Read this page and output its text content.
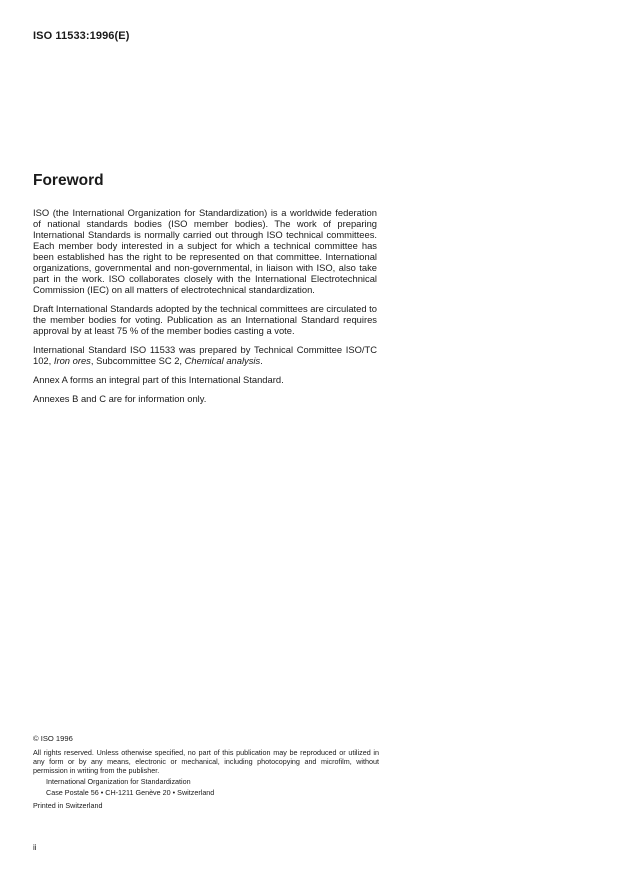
ISO 11533:1996(E)
Foreword

ISO (the International Organization for Standardization) is a worldwide federation of national standards bodies (ISO member bodies). The work of preparing International Standards is normally carried out through ISO technical committees. Each member body interested in a subject for which a technical committee has been established has the right to be represented on that committee. International organizations, governmental and non-governmental, in liaison with ISO, also take part in the work. ISO collaborates closely with the International Electrotechnical Commission (IEC) on all matters of electrotechnical standardization.

Draft International Standards adopted by the technical committees are circulated to the member bodies for voting. Publication as an International Standard requires approval by at least 75 % of the member bodies casting a vote.

International Standard ISO 11533 was prepared by Technical Committee ISO/TC 102, Iron ores, Subcommittee SC 2, Chemical analysis.

Annex A forms an integral part of this International Standard.

Annexes B and C are for information only.

© ISO 1996
All rights reserved. Unless otherwise specified, no part of this publication may be reproduced or utilized in any form or by any means, electronic or mechanical, including photocopying and microfilm, without permission in writing from the publisher.
International Organization for Standardization
Case Postale 56 • CH-1211 Genève 20 • Switzerland
Printed in Switzerland
ii
